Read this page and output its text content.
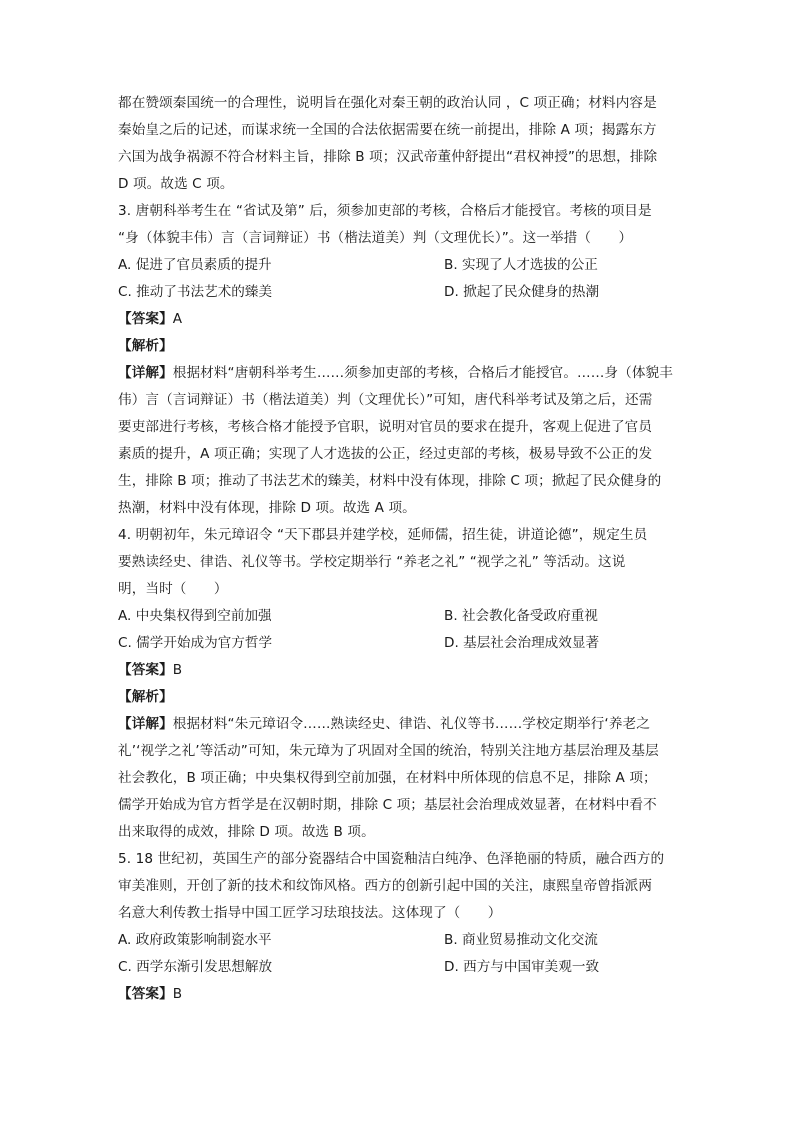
都在赞颂秦国统一的合理性，说明旨在强化对秦王朝的政治认同 ，C 项正确；材料内容是
秦始皇之后的记述，而谋求统一全国的合法依据需要在统一前提出，排除 A 项；揭露东方
六国为战争祸源不符合材料主旨，排除 B 项；汉武帝董仲舒提出“君权神授”的思想，排除
D 项。故选 C 项。
3. 唐朝科举考生在 “省试及第” 后，须参加吏部的考核，合格后才能授官。考核的项目是
“身（体貌丰伟）言（言词辩证）书（楷法道美）判（文理优长）”。这一举措（　　）
A. 促进了官员素质的提升	B. 实现了人才选拔的公正
C. 推动了书法艺术的臻美	D. 掀起了民众健身的热潮
【答案】A
【解析】
【详解】根据材料“唐朝科举考生……须参加吏部的考核，合格后才能授官。……身（体貌丰
伟）言（言词辩证）书（楷法道美）判（文理优长）”可知，唐代科举考试及第之后，还需
要吏部进行考核，考核合格才能授予官职，说明对官员的要求在提升，客观上促进了官员
素质的提升，A 项正确；实现了人才选拔的公正，经过吏部的考核，极易导致不公正的发
生，排除 B 项；推动了书法艺术的臻美，材料中没有体现，排除 C 项；掀起了民众健身的
热潮，材料中没有体现，排除 D 项。故选 A 项。
4. 明朝初年，朱元璋诏令 “天下郡县并建学校，延师儒，招生徒，讲道论德”，规定生员
要熟读经史、律诰、礼仪等书。学校定期举行 “养老之礼” “视学之礼” 等活动。这说
明，当时（　　）
A. 中央集权得到空前加强	B. 社会教化备受政府重视
C. 儒学开始成为官方哲学	D. 基层社会治理成效显著
【答案】B
【解析】
【详解】根据材料“朱元璋诏令……熟读经史、律诰、礼仪等书……学校定期举行‘养老之
礼’‘视学之礼’等活动”可知，朱元璋为了巩固对全国的统治，特别关注地方基层治理及基层
社会教化，B 项正确；中央集权得到空前加强，在材料中所体现的信息不足，排除 A 项；
儒学开始成为官方哲学是在汉朝时期，排除 C 项；基层社会治理成效显著，在材料中看不
出来取得的成效，排除 D 项。故选 B 项。
5. 18 世纪初，英国生产的部分瓷器结合中国瓷釉洁白纯净、色泽艳丽的特质，融合西方的
审美准则，开创了新的技术和纹饰风格。西方的创新引起中国的关注，康熙皇帝曾指派两
名意大利传教士指导中国工匠学习珐琅技法。这体现了（　　）
A. 政府政策影响制瓷水平	B. 商业贸易推动文化交流
C. 西学东渐引发思想解放	D. 西方与中国审美观一致
【答案】B
